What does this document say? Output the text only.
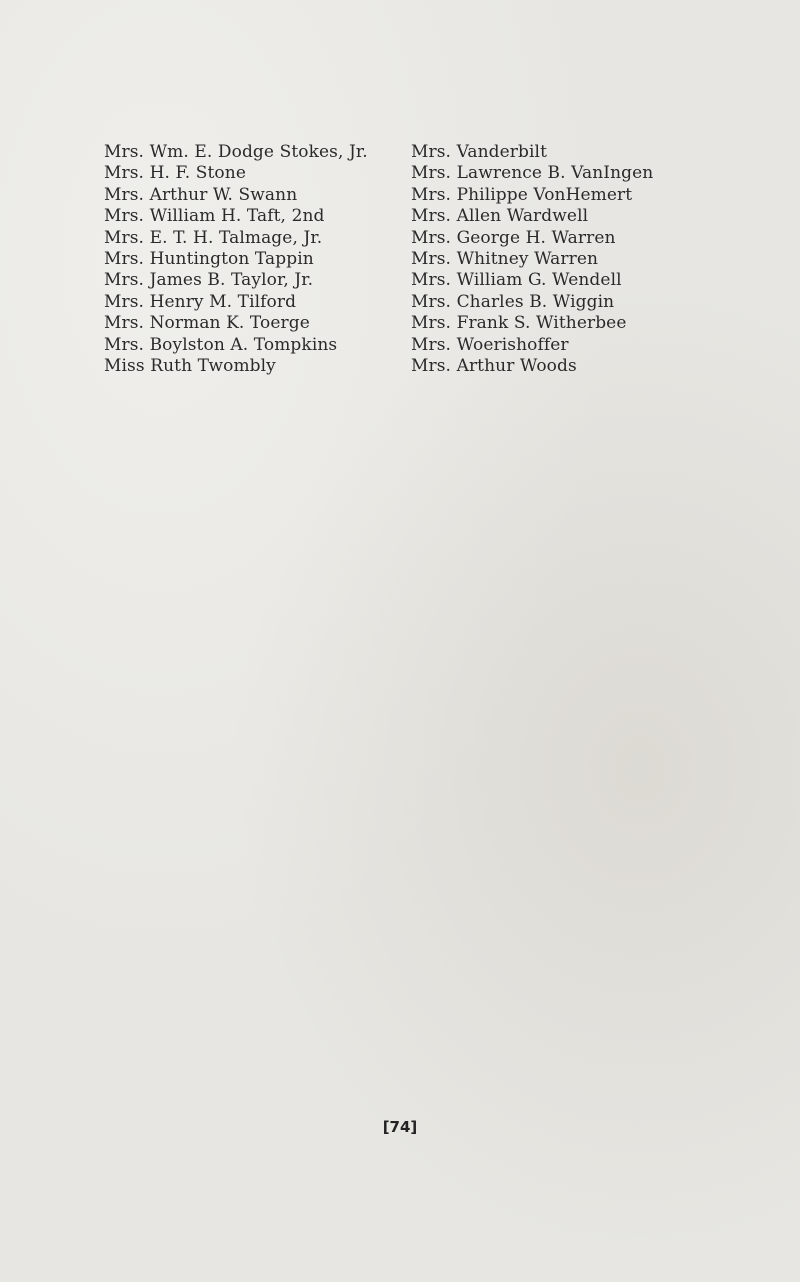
Mrs. Wm. E. Dodge Stokes, Jr.
Mrs. H. F. Stone
Mrs. Arthur W. Swann
Mrs. William H. Taft, 2nd
Mrs. E. T. H. Talmage, Jr.
Mrs. Huntington Tappin
Mrs. James B. Taylor, Jr.
Mrs. Henry M. Tilford
Mrs. Norman K. Toerge
Mrs. Boylston A. Tompkins
Miss Ruth Twombly
Mrs. Vanderbilt
Mrs. Lawrence B. VanIngen
Mrs. Philippe VonHemert
Mrs. Allen Wardwell
Mrs. George H. Warren
Mrs. Whitney Warren
Mrs. William G. Wendell
Mrs. Charles B. Wiggin
Mrs. Frank S. Witherbee
Mrs. Woerishoffer
Mrs. Arthur Woods
[74]
